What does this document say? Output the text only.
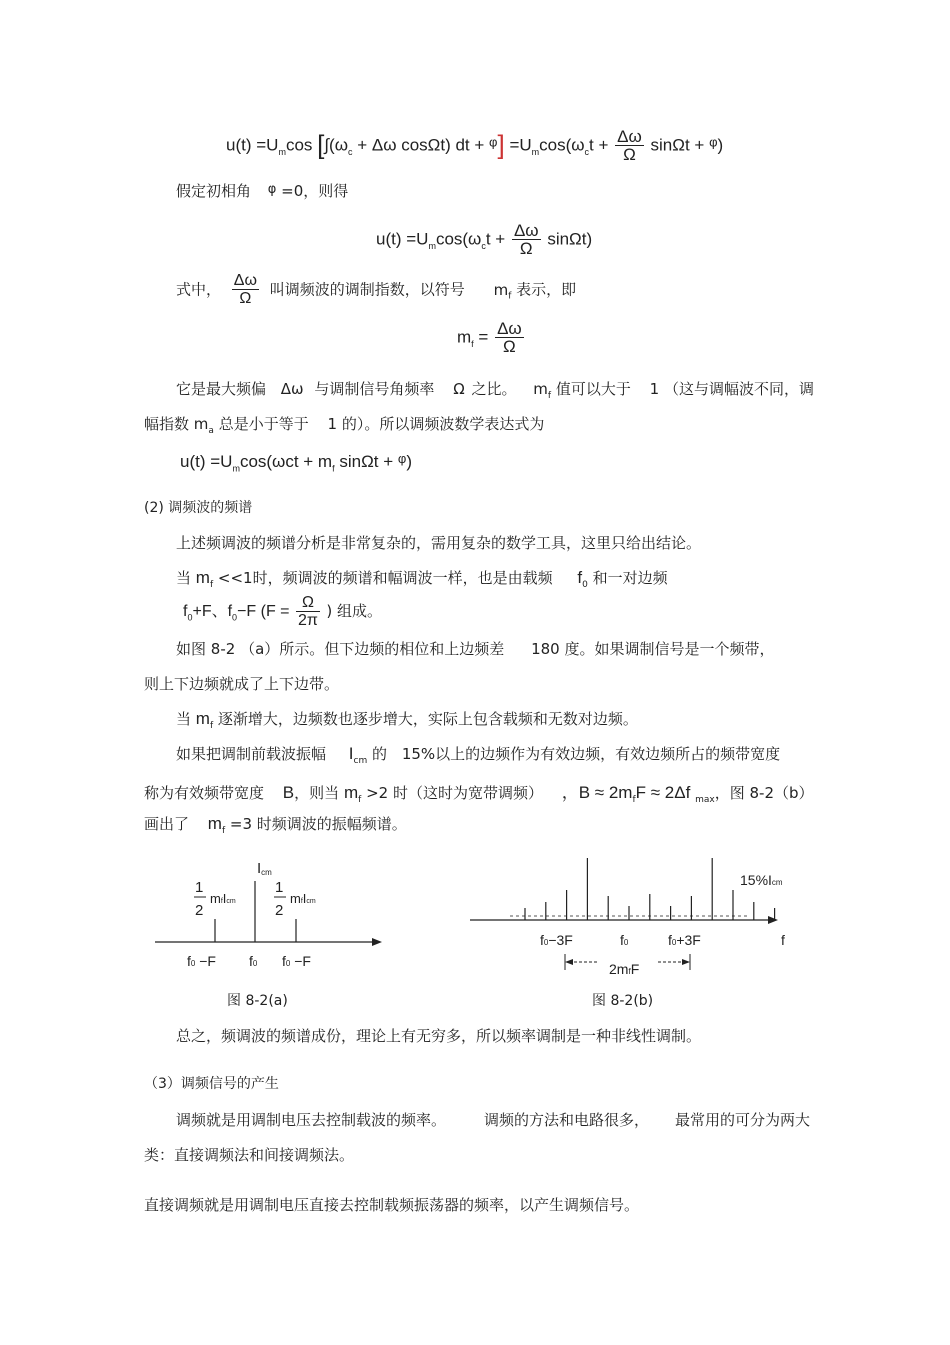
$u(t) =U_m\cos$ [$\int(\omega_c + \Delta\omega$ cosΩt) dt + $^\varphi] =U_m\cos(\omega_ct + \frac{\Delta\omega}{\Omega}$ sinΩt + $^\varphi$)
假定初相角 φ =0，则得
$u(t) =U_m\cos(\omega_ct + \frac{\Delta\omega}{\Omega} \sin\Omega t)$
式中， $\frac{\Delta\omega}{\Omega}$ 叫调频波的调制指数，以符号 $m_f$ 表示，即
$m_f = \frac{\Delta\omega}{\Omega}$
它是最大频偏 Δω 与调制信号角频率 Ω 之比。 $m_f$ 值可以大于 1 （这与调幅波不同，调
幅指数 $m_a$ 总是小于等于 1 的）。所以调频波数学表达式为
$u(t) =U_m\cos(\omega ct + m_f$ sinΩt + $^\varphi$)
(2) 调频波的频谱
上述频调波的频谱分析是非常复杂的，需用复杂的数学工具，这里只给出结论。
当 $m_f <<1$时，频调波的频谱和幅调波一样，也是由载频 $f_0$ 和一对边频
$f_0+F$、$f_0-F$ ($F = \frac{\Omega}{2\pi}$ ) 组成。
如图 8-2 （a）所示。但下边频的相位和上边频差 180 度。如果调制信号是一个频带，
则上下边频就成了上下边带。
当 $m_f$ 逐渐增大，边频数也逐步增大，实际上包含载频和无数对边频。
如果把调制前载波振幅 $I_{cm}$ 的 15%以上的边频作为有效边频，有效边频所占的频带宽度
称为有效频带宽度 B，则当 $m_f >2$ 时（这时为宽带调频） ，$B \approx 2m_fF \approx 2\Delta f$ $_{max}$，图 8-2（b）
画出了 $m_f =3$ 时频调波的振幅频谱。
Icm
1
2
mfIcm
1
2
mfIcm
f0 −F f0 f0 −F
图 8-2(a)
15%Icm
f0−3F	f0	f0+3F	f
2mfF
图 8-2(b)
总之，频调波的频谱成份，理论上有无穷多，所以频率调制是一种非线性调制。
（3）调频信号的产生
调频就是用调制电压去控制载波的频率。	调频的方法和电路很多， 最常用的可分为两大
类：直接调频法和间接调频法。
直接调频就是用调制电压直接去控制载频振荡器的频率，以产生调频信号。
